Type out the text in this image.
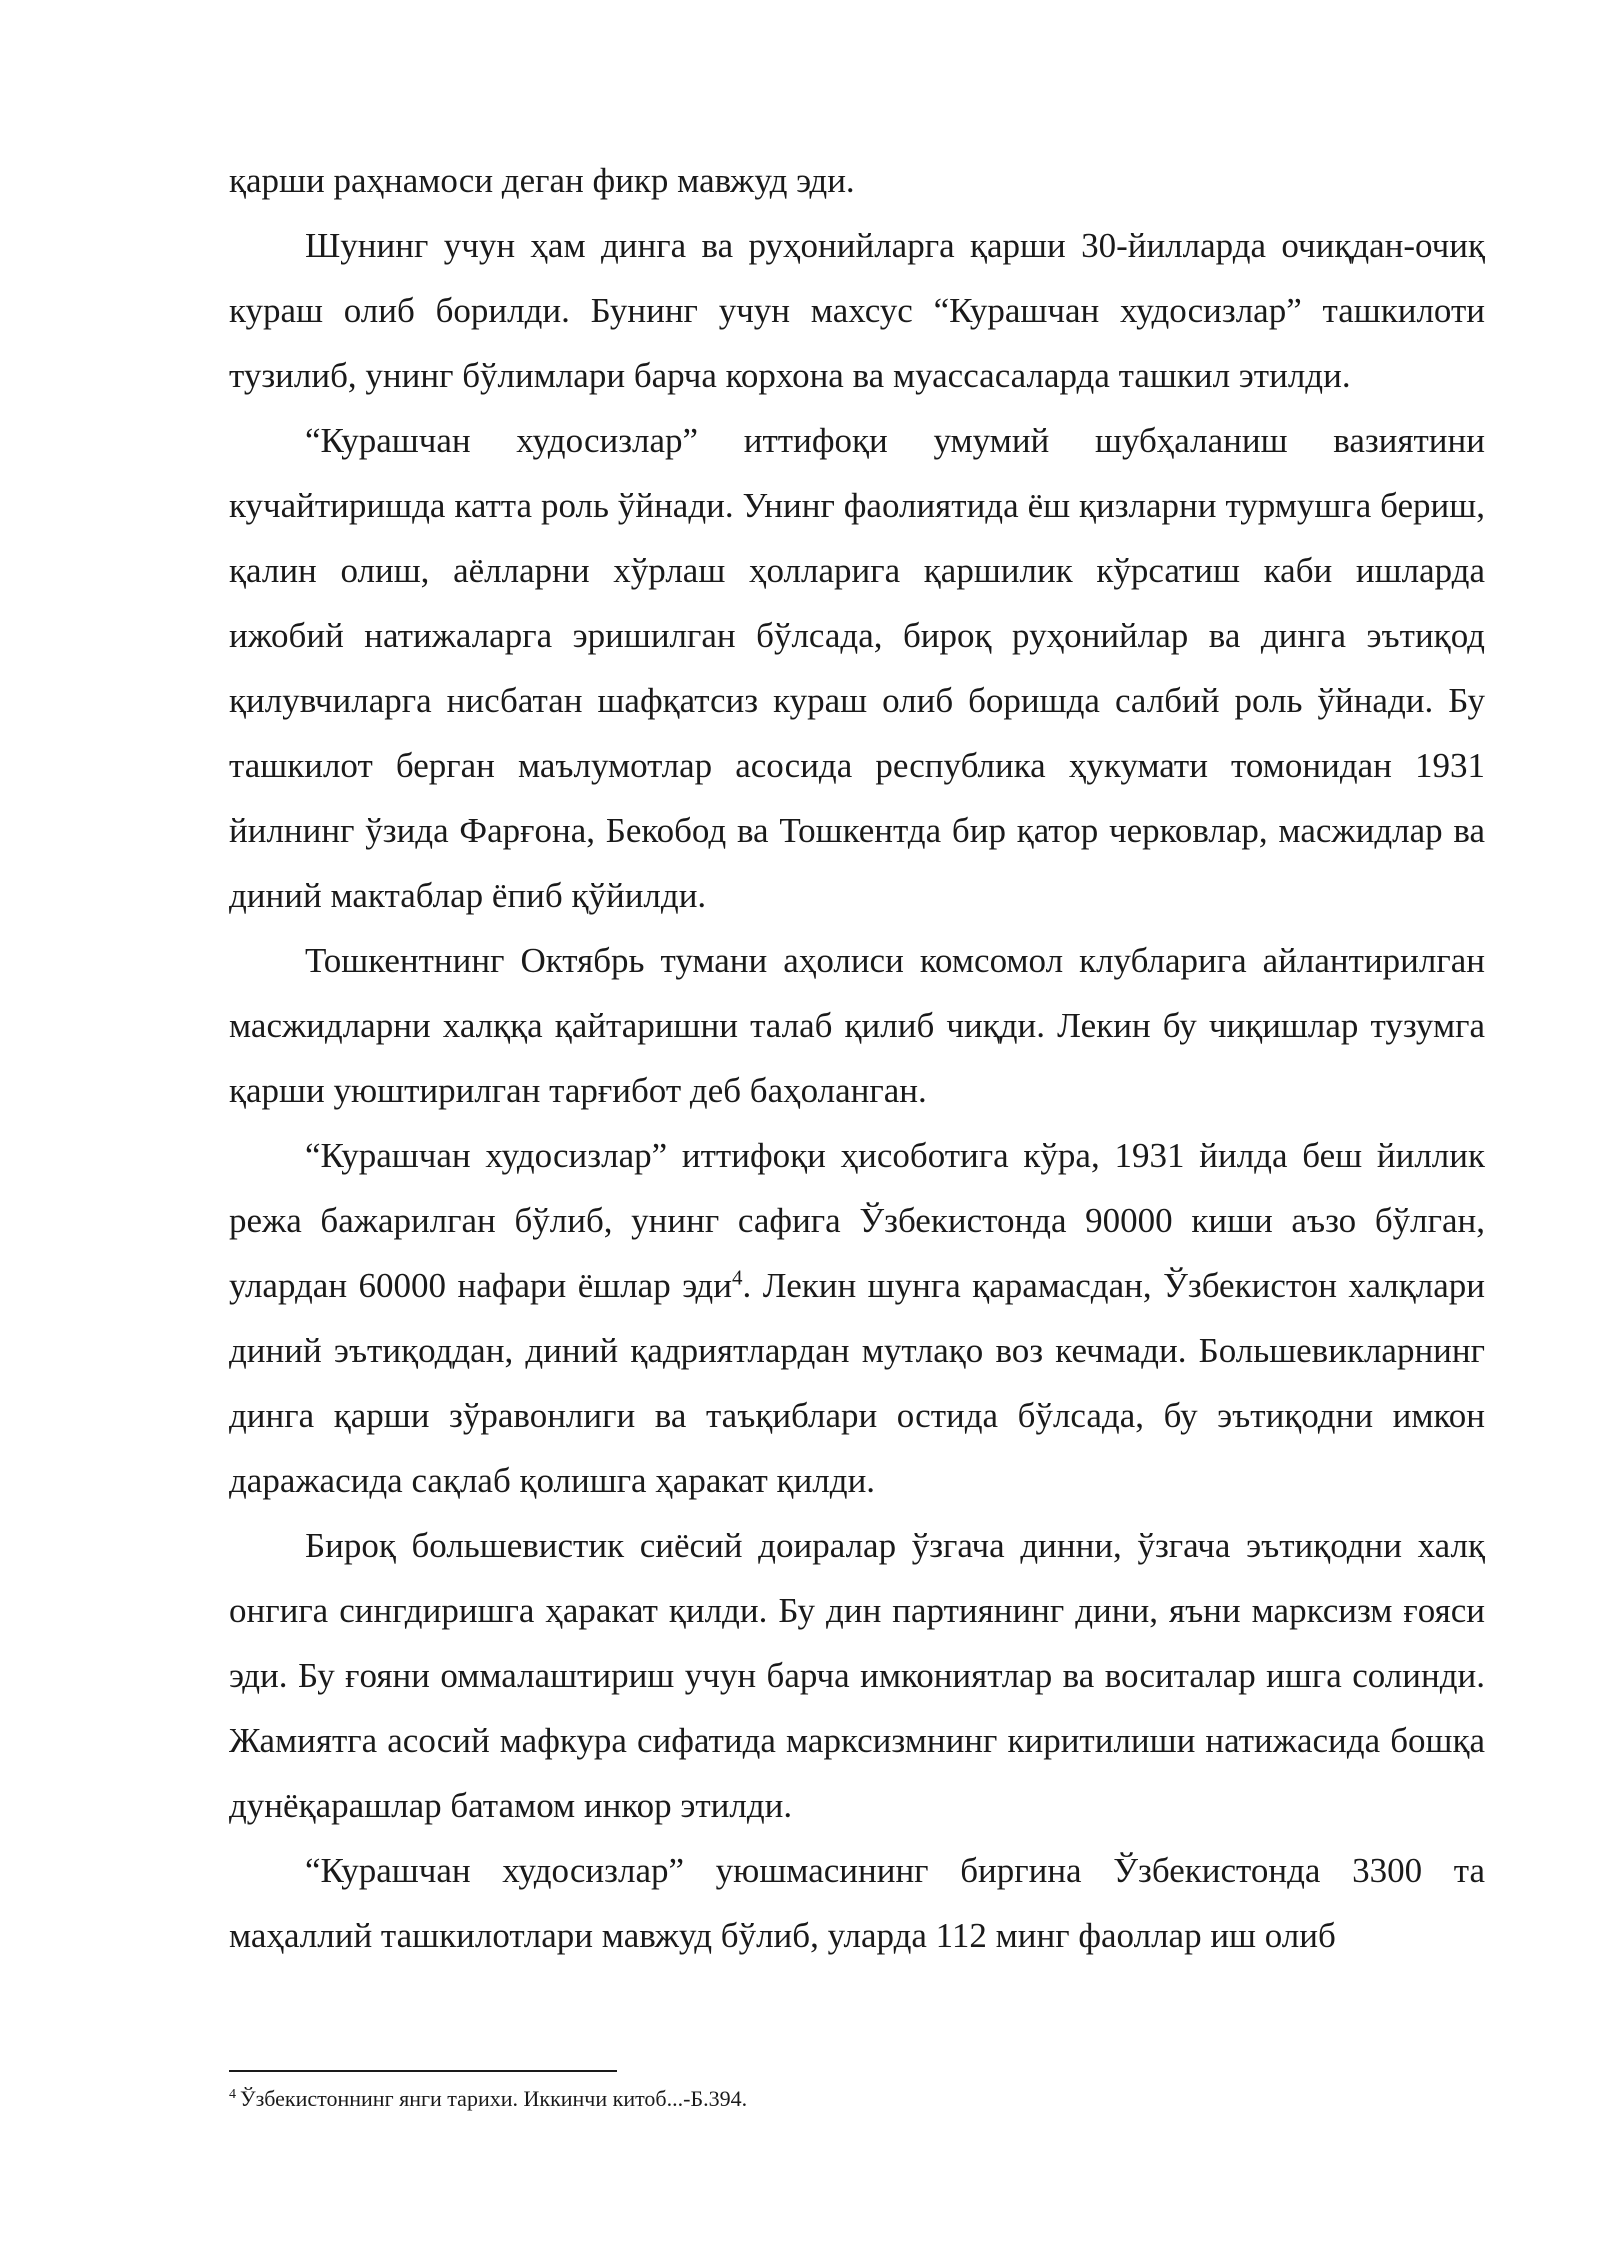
қарши раҳнамоси деган фикр мавжуд эди.

Шунинг учун ҳам динга ва руҳонийларга қарши 30-йилларда очиқдан-очиқ кураш олиб борилди. Бунинг учун махсус “Курашчан худосизлар” ташкилоти тузилиб, унинг бўлимлари барча корхона ва муассасаларда ташкил этилди.

“Курашчан худосизлар” иттифоқи умумий шубҳаланиш вазиятини кучайтиришда катта роль ўйнади. Унинг фаолиятида ёш қизларни турмушга бериш, қалин олиш, аёлларни хўрлаш ҳолларига қаршилик кўрсатиш каби ишларда ижобий натижаларга эришилган бўлсада, бироқ руҳонийлар ва динга эътиқод қилувчиларга нисбатан шафқатсиз кураш олиб боришда салбий роль ўйнади. Бу ташкилот берган маълумотлар асосида республика ҳукумати томонидан 1931 йилнинг ўзида Фарғона, Бекобод ва Тошкентда бир қатор черковлар, масжидлар ва диний мактаблар ёпиб қўйилди.

Тошкентнинг Октябрь тумани аҳолиси комсомол клубларига айлантирилган масжидларни халққа қайтаришни талаб қилиб чиқди. Лекин бу чиқишлар тузумга қарши уюштирилган тарғибот деб баҳоланган.

“Курашчан худосизлар” иттифоқи ҳисоботига кўра, 1931 йилда беш йиллик режа бажарилган бўлиб, унинг сафига Ўзбекистонда 90000 киши аъзо бўлган, улардан 60000 нафари ёшлар эди$^4$. Лекин шунга қарамасдан, Ўзбекистон халқлари диний эътиқоддан, диний қадриятлардан мутлақо воз кечмади. Большевикларнинг динга қарши зўравонлиги ва таъқиблари остида бўлсада, бу эътиқодни имкон даражасида сақлаб қолишга ҳаракат қилди.

Бироқ большевистик сиёсий доиралар ўзгача динни, ўзгача эътиқодни халқ онгига сингдиришга ҳаракат қилди. Бу дин партиянинг дини, яъни марксизм ғояси эди. Бу ғояни оммалаштириш учун барча имкониятлар ва воситалар ишга солинди. Жамиятга асосий мафкура сифатида марксизмнинг киритилиши натижасида бошқа дунёқарашлар батамом инкор этилди.

“Курашчан худосизлар” уюшмасининг биргина Ўзбекистонда 3300 та маҳаллий ташкилотлари мавжуд бўлиб, уларда 112 минг фаоллар иш олиб

$^4$ Ўзбекистоннинг янги тарихи. Иккинчи китоб...-Б.394.
